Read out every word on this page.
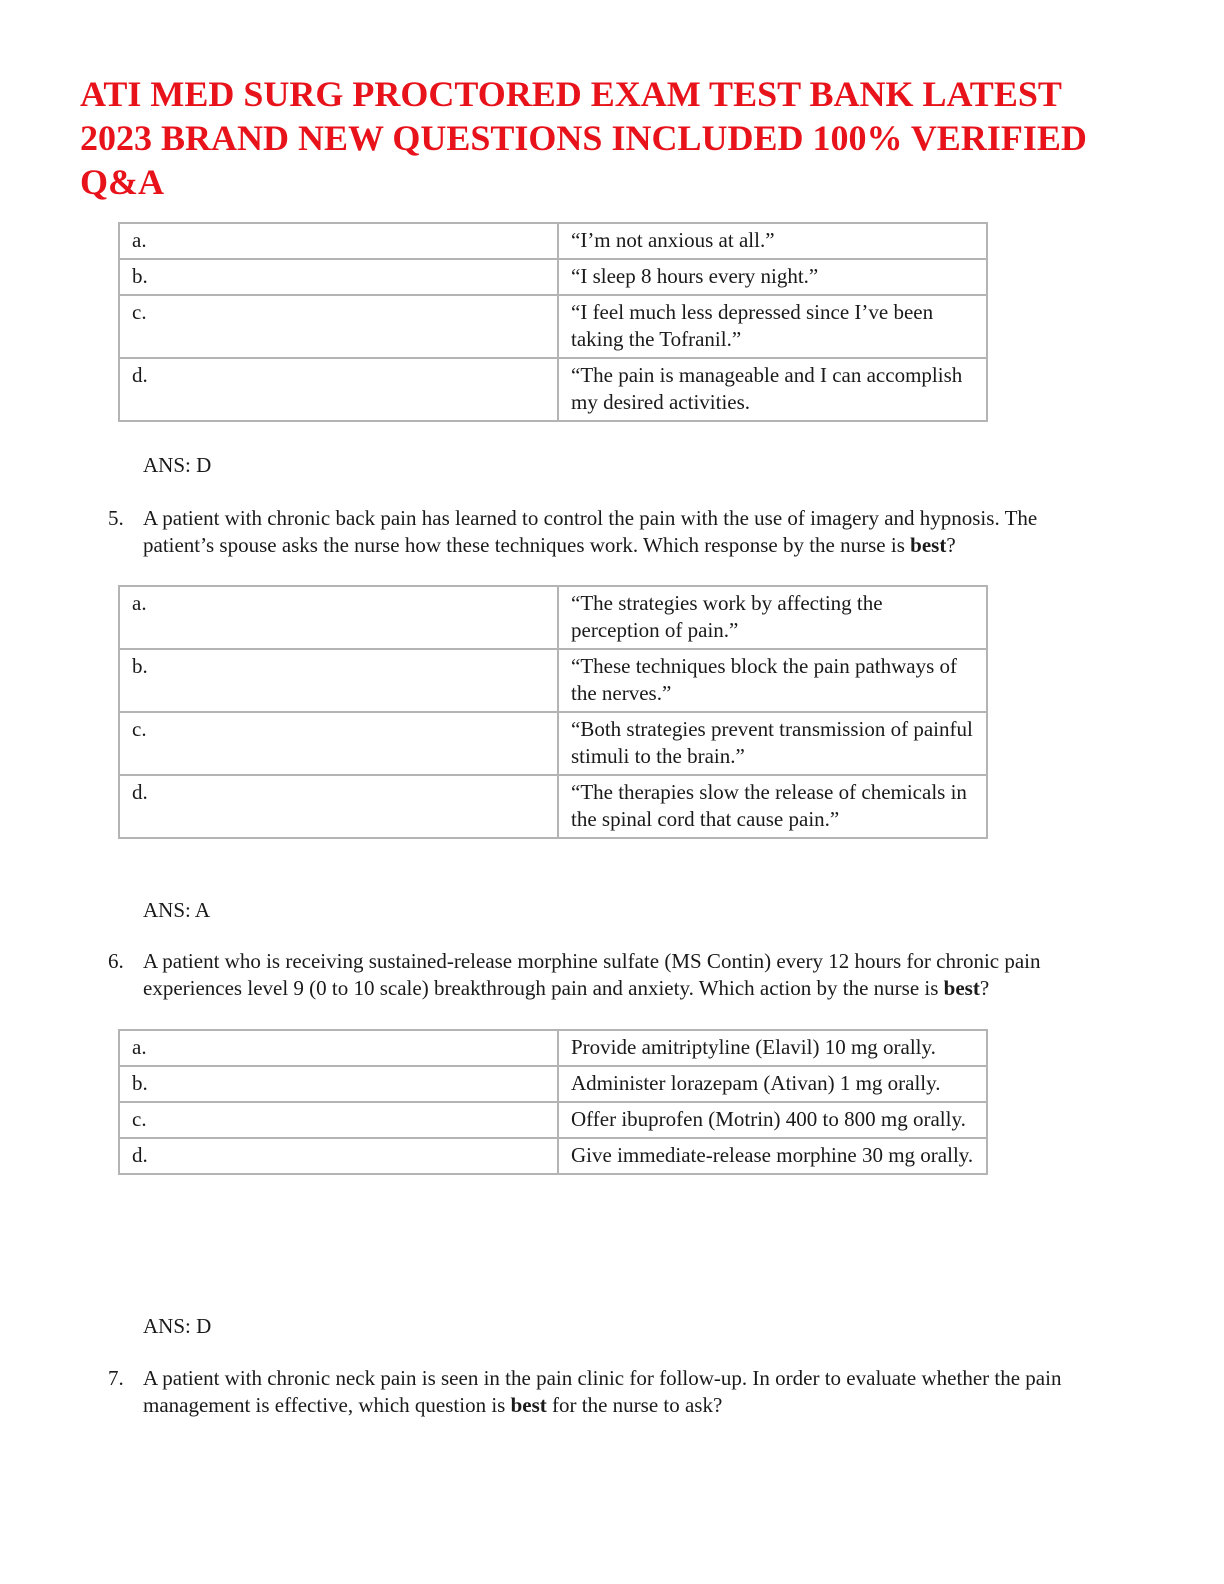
ATI MED SURG PROCTORED EXAM TEST BANK LATEST 2023 BRAND NEW QUESTIONS INCLUDED 100% VERIFIED Q&A
a.	“I’m not anxious at all.”
b.	“I sleep 8 hours every night.”
c.	“I feel much less depressed since I’ve been taking the Tofranil.”
d.	“The pain is manageable and I can accomplish my desired activities.
ANS: D
5. A patient with chronic back pain has learned to control the pain with the use of imagery and hypnosis. The patient’s spouse asks the nurse how these techniques work. Which response by the nurse is best?
a.	“The strategies work by affecting the perception of pain.”
b.	“These techniques block the pain pathways of the nerves.”
c.	“Both strategies prevent transmission of painful stimuli to the brain.”
d.	“The therapies slow the release of chemicals in the spinal cord that cause pain.”
ANS: A
6. A patient who is receiving sustained-release morphine sulfate (MS Contin) every 12 hours for chronic pain experiences level 9 (0 to 10 scale) breakthrough pain and anxiety. Which action by the nurse is best?
a.	Provide amitriptyline (Elavil) 10 mg orally.
b.	Administer lorazepam (Ativan) 1 mg orally.
c.	Offer ibuprofen (Motrin) 400 to 800 mg orally.
d.	Give immediate-release morphine 30 mg orally.
ANS: D
7. A patient with chronic neck pain is seen in the pain clinic for follow-up. In order to evaluate whether the pain management is effective, which question is best for the nurse to ask?
